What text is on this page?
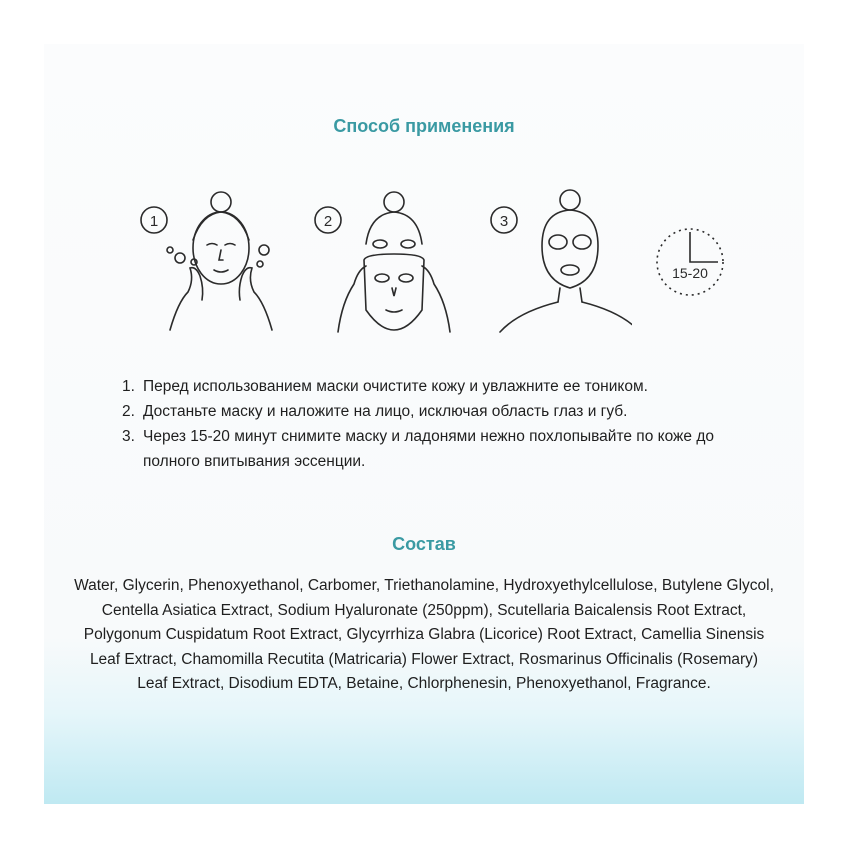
Способ применения
1	2	3
15-20
1. Перед использованием маски очистите кожу и увлажните ее тоником.
2. Достаньте маску и наложите на лицо, исключая область глаз и губ.
3. Через 15-20 минут снимите маску и ладонями нежно похлопывайте по коже до полного впитывания эссенции.
Состав

Water, Glycerin, Phenoxyethanol, Carbomer, Triethanolamine, Hydroxyethylcellulose, Butylene Glycol, Centella Asiatica Extract, Sodium Hyaluronate (250ppm), Scutellaria Baicalensis Root Extract, Polygonum Cuspidatum Root Extract, Glycyrrhiza Glabra (Licorice) Root Extract, Camellia Sinensis Leaf Extract, Chamomilla Recutita (Matricaria) Flower Extract, Rosmarinus Officinalis (Rosemary) Leaf Extract, Disodium EDTA, Betaine, Chlorphenesin, Phenoxyethanol, Fragrance.
